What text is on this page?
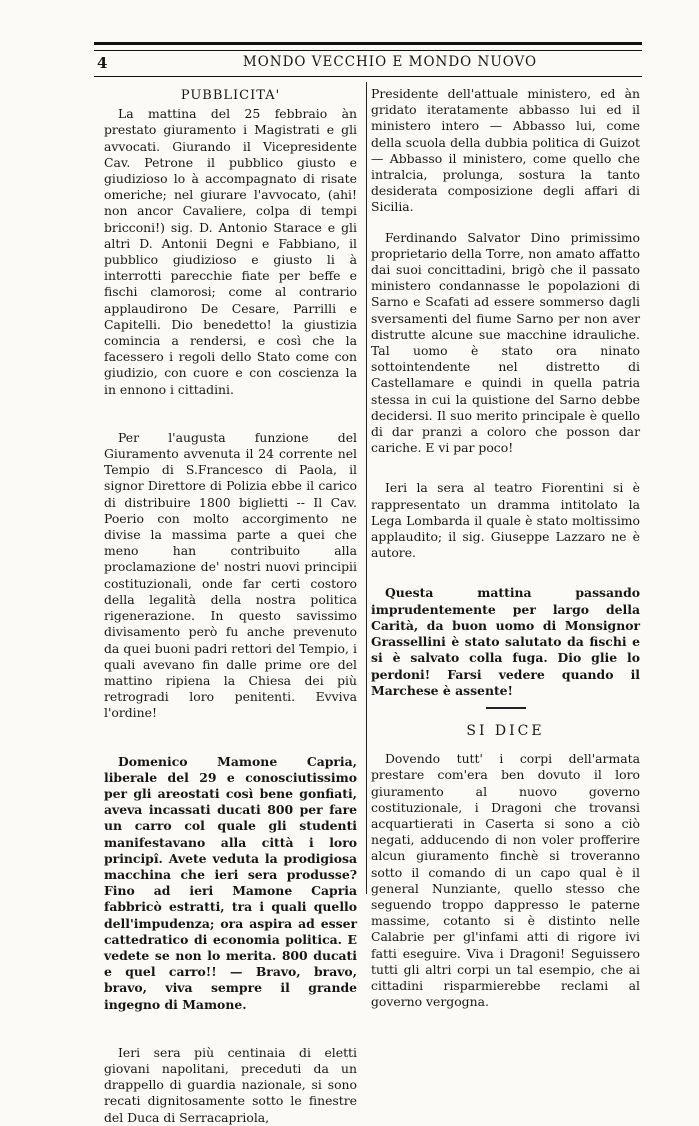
4	MONDO VECCHIO E MONDO NUOVO
PUBBLICITA'

La mattina del 25 febbraio àn prestato giuramento i Magistrati e gli avvocati. Giurando il Vicepresidente Cav. Petrone il pubblico giusto e giudizioso lo à accompagnato di risate omeriche; nel giurare l'avvocato, (ahi! non ancor Cavaliere, colpa di tempi bricconi!) sig. D. Antonio Starace e gli altri D. Antonii Degni e Fabbiano, il pubblico giudizioso e giusto li à interrotti parecchie fiate per beffe e fischi clamorosi; come al contrario applaudirono De Cesare, Parrilli e Capitelli. Dio benedetto! la giustizia comincia a rendersi, e così che la facessero i regoli dello Stato come con giudizio, con cuore e con coscienza la in ennono i cittadini.

Per l'augusta funzione del Giuramento avvenuta il 24 corrente nel Tempio di S.Francesco di Paola, il signor Direttore di Polizia ebbe il carico di distribuire 1800 biglietti -- Il Cav. Poerio con molto accorgimento ne divise la massima parte a quei che meno han contribuito alla proclamazione de' nostri nuovi principii costituzionali, onde far certi costoro della legalità della nostra politica rigenerazione. In questo savissimo divisamento però fu anche prevenuto da quei buoni padri rettori del Tempio, i quali avevano fin dalle prime ore del mattino ripiena la Chiesa dei più retrogradi loro penitenti. Evviva l'ordine!

Domenico Mamone Capria, liberale del 29 e conosciutissimo per gli areostati così bene gonfiati, aveva incassati ducati 800 per fare un carro col quale gli studenti manifestavano alla città i loro principî. Avete veduta la prodigiosa macchina che ieri sera produsse? Fino ad ieri Mamone Capria fabbricò estratti, tra i quali quello dell'impudenza; ora aspira ad esser cattedratico di economia politica. E vedete se non lo merita. 800 ducati e quel carro!! — Bravo, bravo, bravo, viva sempre il grande ingegno di Mamone.

Ieri sera più centinaia di eletti giovani napolitani, preceduti da un drappello di guardia nazionale, si sono recati dignitosamente sotto le finestre del Duca di Serracapriola,

Presidente dell'attuale ministero, ed àn gridato iteratamente abbasso lui ed il ministero intero — Abbasso lui, come della scuola della dubbia politica di Guizot — Abbasso il ministero, come quello che intralcia, prolunga, sostura la tanto desiderata composizione degli affari di Sicilia.

Ferdinando Salvator Dino primissimo proprietario della Torre, non amato affatto dai suoi concittadini, brigò che il passato ministero condannasse le popolazioni di Sarno e Scafati ad essere sommerso dagli sversamenti del fiume Sarno per non aver distrutte alcune sue macchine idrauliche. Tal uomo è stato ora ninato sottointendente nel distretto di Castellamare e quindi in quella patria stessa in cui la quistione del Sarno debbe decidersi. Il suo merito principale è quello di dar pranzi a coloro che posson dar cariche. E vi par poco!

Ieri la sera al teatro Fiorentini si è rappresentato un dramma intitolato la Lega Lombarda il quale è stato moltissimo applaudito; il sig. Giuseppe Lazzaro ne è autore.

Questa mattina passando imprudentemente per largo della Carità, da buon uomo di Monsignor Grassellini è stato salutato da fischi e si è salvato colla fuga. Dio glie lo perdoni! Farsi vedere quando il Marchese è assente!

SI DICE

Dovendo tutt' i corpi dell'armata prestare com'era ben dovuto il loro giuramento al nuovo governo costituzionale, i Dragoni che trovansi acquartierati in Caserta si sono a ciò negati, adducendo di non voler profferire alcun giuramento finchè si troveranno sotto il comando di un capo qual è il general Nunziante, quello stesso che seguendo troppo dappresso le paterne massime, cotanto si è distinto nelle Calabrie per gl'infami atti di rigore ivi fatti eseguire. Viva i Dragoni! Seguissero tutti gli altri corpi un tal esempio, che ai cittadini risparmierebbe reclami al governo vergogna.
